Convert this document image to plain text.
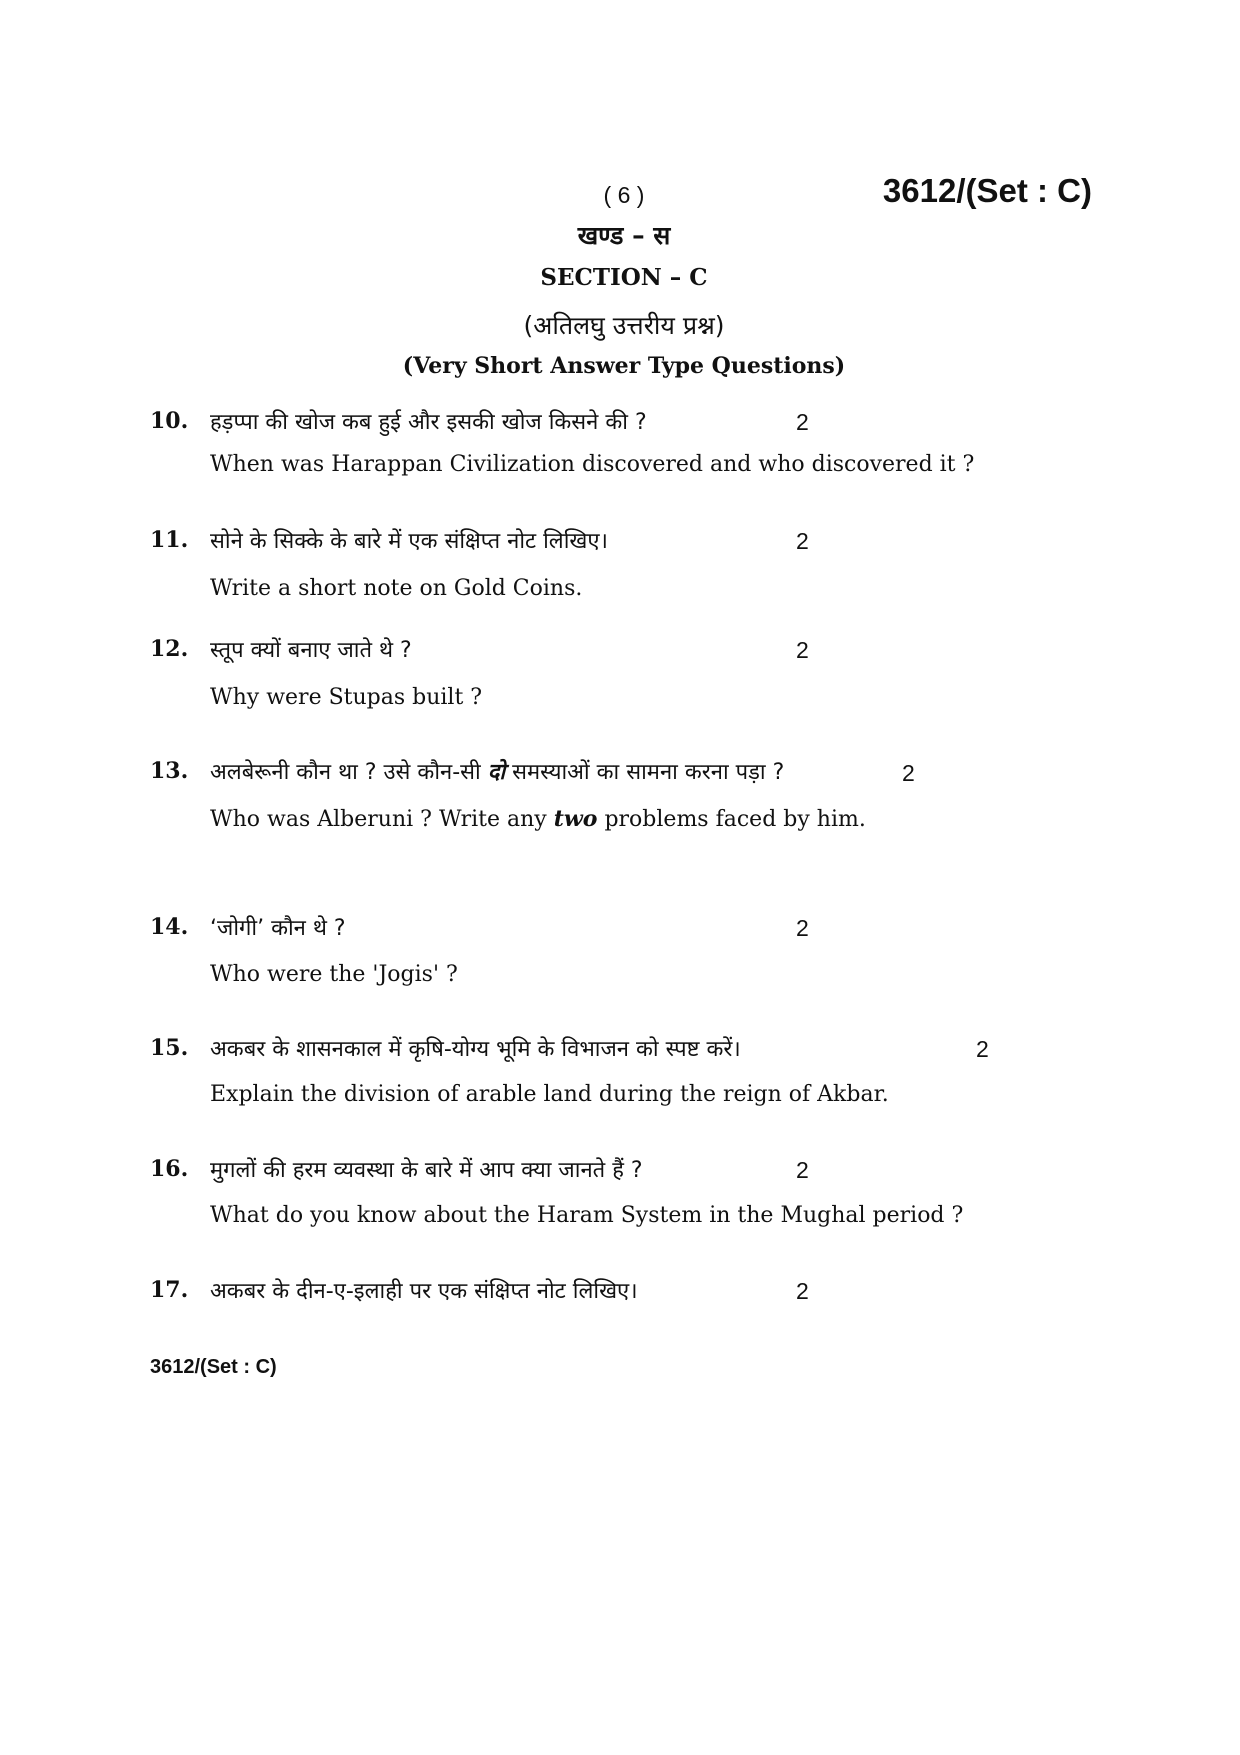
( 6 )	3612/(Set : C)
खण्ड – स
SECTION – C
(अतिलघु उत्तरीय प्रश्न)
(Very Short Answer Type Questions)
10. हड़प्पा की खोज कब हुई और इसकी खोज किसने की ?	2
When was Harappan Civilization discovered and who discovered it ?
11. सोने के सिक्के के बारे में एक संक्षिप्त नोट लिखिए।	2
Write a short note on Gold Coins.
12. स्तूप क्यों बनाए जाते थे ?	2
Why were Stupas built ?
13. अलबेरूनी कौन था ? उसे कौन-सी दो समस्याओं का सामना करना पड़ा ?	2
Who was Alberuni ? Write any two problems faced by him.
14. ‘जोगी’ कौन थे ?	2
Who were the 'Jogis' ?
15. अकबर के शासनकाल में कृषि-योग्य भूमि के विभाजन को स्पष्ट करें।	2
Explain the division of arable land during the reign of Akbar.
16. मुगलों की हरम व्यवस्था के बारे में आप क्या जानते हैं ?	2
What do you know about the Haram System in the Mughal period ?
17. अकबर के दीन-ए-इलाही पर एक संक्षिप्त नोट लिखिए।	2
3612/(Set : C)
